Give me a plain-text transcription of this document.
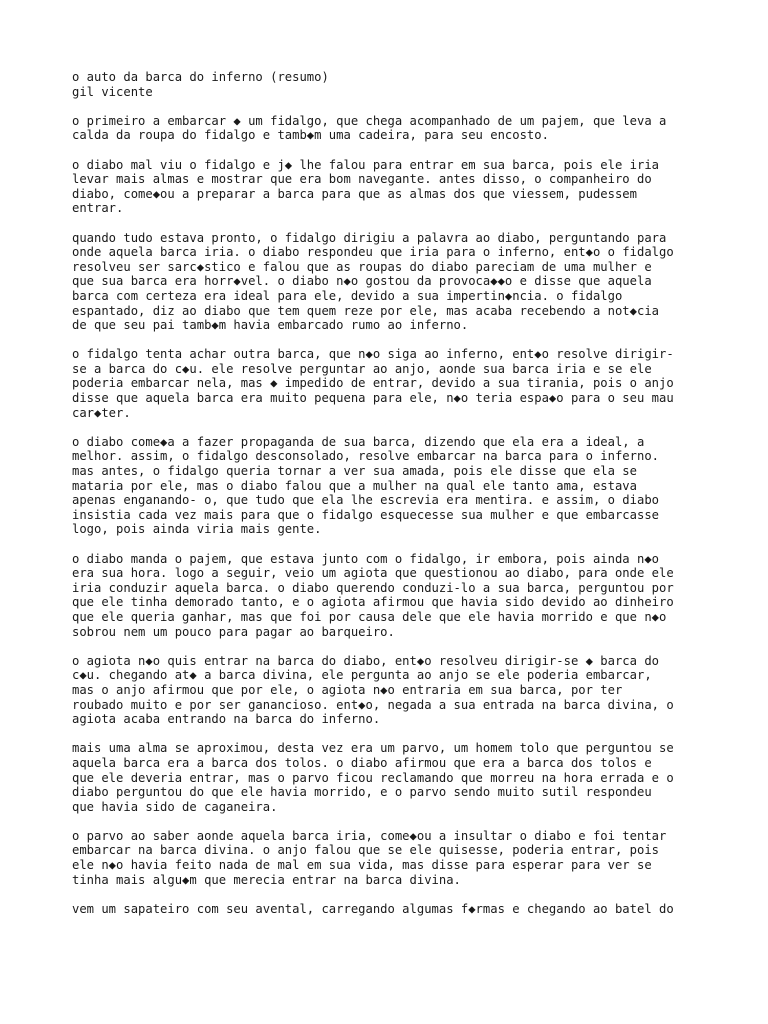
o auto da barca do inferno (resumo)
gil vicente
o primeiro a embarcar ◆ um fidalgo, que chega acompanhado de um pajem, que leva a
calda da roupa do fidalgo e tamb◆m uma cadeira, para seu encosto.
o diabo mal viu o fidalgo e j◆ lhe falou para entrar em sua barca, pois ele iria
levar mais almas e mostrar que era bom navegante. antes disso, o companheiro do
diabo, come◆ou a preparar a barca para que as almas dos que viessem, pudessem
entrar.
quando tudo estava pronto, o fidalgo dirigiu a palavra ao diabo, perguntando para
onde aquela barca iria. o diabo respondeu que iria para o inferno, ent◆o o fidalgo
resolveu ser sarc◆stico e falou que as roupas do diabo pareciam de uma mulher e
que sua barca era horr◆vel. o diabo n◆o gostou da provoca◆◆o e disse que aquela
barca com certeza era ideal para ele, devido a sua impertin◆ncia. o fidalgo
espantado, diz ao diabo que tem quem reze por ele, mas acaba recebendo a not◆cia
de que seu pai tamb◆m havia embarcado rumo ao inferno.
o fidalgo tenta achar outra barca, que n◆o siga ao inferno, ent◆o resolve dirigir-
se a barca do c◆u. ele resolve perguntar ao anjo, aonde sua barca iria e se ele
poderia embarcar nela, mas ◆ impedido de entrar, devido a sua tirania, pois o anjo
disse que aquela barca era muito pequena para ele, n◆o teria espa◆o para o seu mau
car◆ter.
o diabo come◆a a fazer propaganda de sua barca, dizendo que ela era a ideal, a
melhor. assim, o fidalgo desconsolado, resolve embarcar na barca para o inferno.
mas antes, o fidalgo queria tornar a ver sua amada, pois ele disse que ela se
mataria por ele, mas o diabo falou que a mulher na qual ele tanto ama, estava
apenas enganando- o, que tudo que ela lhe escrevia era mentira. e assim, o diabo
insistia cada vez mais para que o fidalgo esquecesse sua mulher e que embarcasse
logo, pois ainda viria mais gente.
o diabo manda o pajem, que estava junto com o fidalgo, ir embora, pois ainda n◆o
era sua hora. logo a seguir, veio um agiota que questionou ao diabo, para onde ele
iria conduzir aquela barca. o diabo querendo conduzi-lo a sua barca, perguntou por
que ele tinha demorado tanto, e o agiota afirmou que havia sido devido ao dinheiro
que ele queria ganhar, mas que foi por causa dele que ele havia morrido e que n◆o
sobrou nem um pouco para pagar ao barqueiro.
o agiota n◆o quis entrar na barca do diabo, ent◆o resolveu dirigir-se ◆ barca do
c◆u. chegando at◆ a barca divina, ele pergunta ao anjo se ele poderia embarcar,
mas o anjo afirmou que por ele, o agiota n◆o entraria em sua barca, por ter
roubado muito e por ser ganancioso. ent◆o, negada a sua entrada na barca divina, o
agiota acaba entrando na barca do inferno.
mais uma alma se aproximou, desta vez era um parvo, um homem tolo que perguntou se
aquela barca era a barca dos tolos. o diabo afirmou que era a barca dos tolos e
que ele deveria entrar, mas o parvo ficou reclamando que morreu na hora errada e o
diabo perguntou do que ele havia morrido, e o parvo sendo muito sutil respondeu
que havia sido de caganeira.
o parvo ao saber aonde aquela barca iria, come◆ou a insultar o diabo e foi tentar
embarcar na barca divina. o anjo falou que se ele quisesse, poderia entrar, pois
ele n◆o havia feito nada de mal em sua vida, mas disse para esperar para ver se
tinha mais algu◆m que merecia entrar na barca divina.
vem um sapateiro com seu avental, carregando algumas f◆rmas e chegando ao batel do
